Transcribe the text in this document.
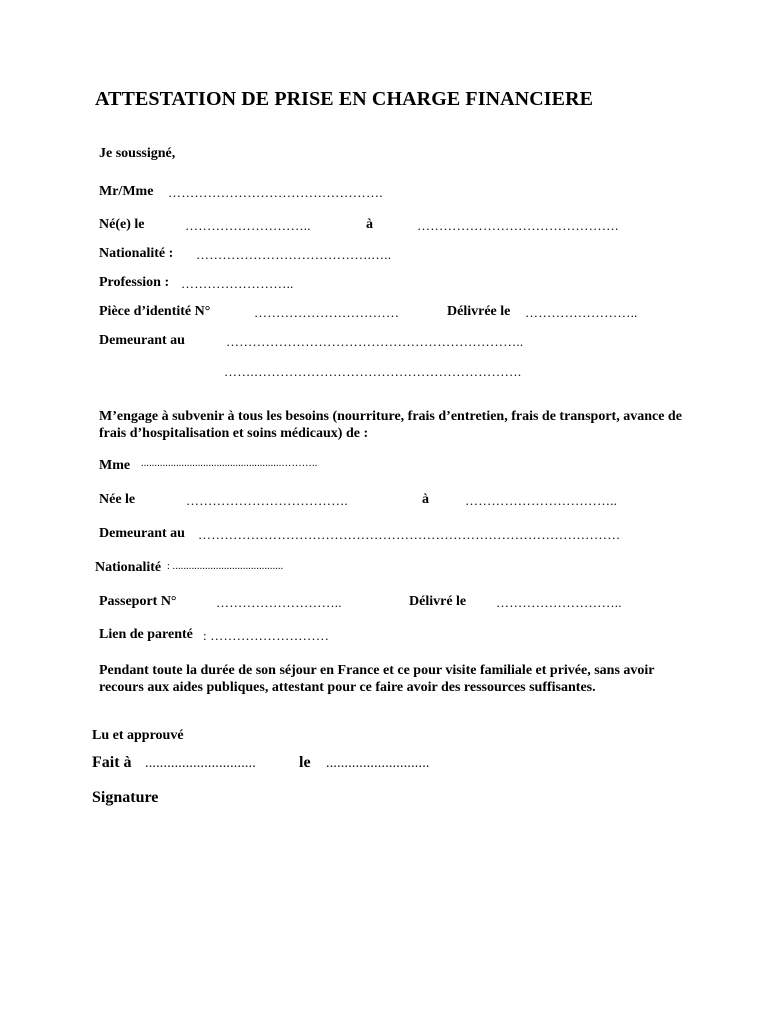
ATTESTATION DE PRISE EN CHARGE FINANCIERE
Je soussigné,
Mr/Mme ………………………………………….
Né(e) le	………………………..	à	……………………………………….
Nationalité : ………………………………….…..
Profession : ……………………..
Pièce d’identité N°	……………………………	Délivrée le ……………………..
Demeurant au	…………………………………………………………..
…….…………………………………………………….
M’engage à subvenir à tous les besoins (nourriture, frais d’entretien, frais de transport, avance de frais d’hospitalisation et soins médicaux) de :
Mme ....................................................………..
Née le	……………………………….	à	……………………………..
Demeurant au ……………………………………………………………………………………
Nationalité : .........................................
Passeport N°	………………………..	Délivré le ………………………..
Lien de parenté : ………………………
Pendant toute la durée de son séjour en France et ce pour visite familiale et privée, sans avoir recours aux aides publiques, attestant pour ce faire avoir des ressources suffisantes.
Lu et approuvé
Fait à ..............................	le ............................
Signature
